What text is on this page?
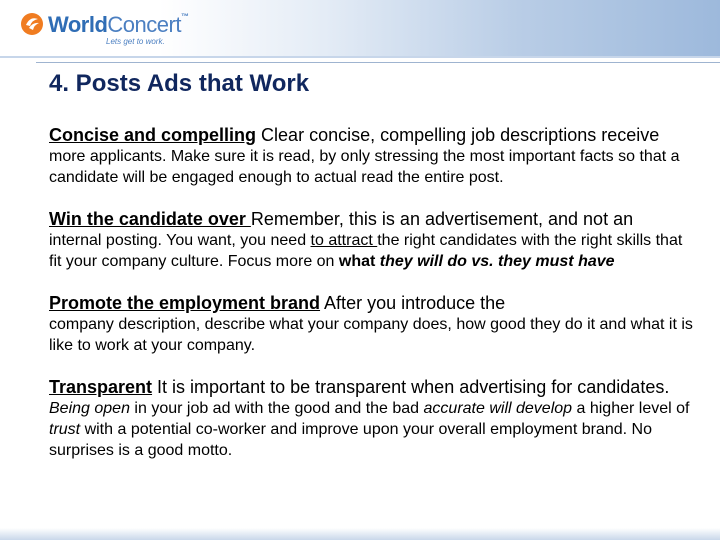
WorldConcert™
Lets get to work.
4. Posts Ads that Work

Concise and compelling Clear concise, compelling job descriptions receive

more applicants. Make sure it is read, by only stressing the most important facts so that a candidate will be engaged enough to actual read the entire post.

Win the candidate over Remember, this is an advertisement, and not an

internal posting. You want, you need to attract the right candidates with the right skills that fit your company culture. Focus more on what they will do vs. they must have

Promote the employment brand After you introduce the

company description, describe what your company does, how good they do it and what it is like to work at your company.

Transparent It is important to be transparent when advertising for candidates.

Being open in your job ad with the good and the bad accurate will develop a higher level of trust with a potential co-worker and improve upon your overall employment brand. No surprises is a good motto.
